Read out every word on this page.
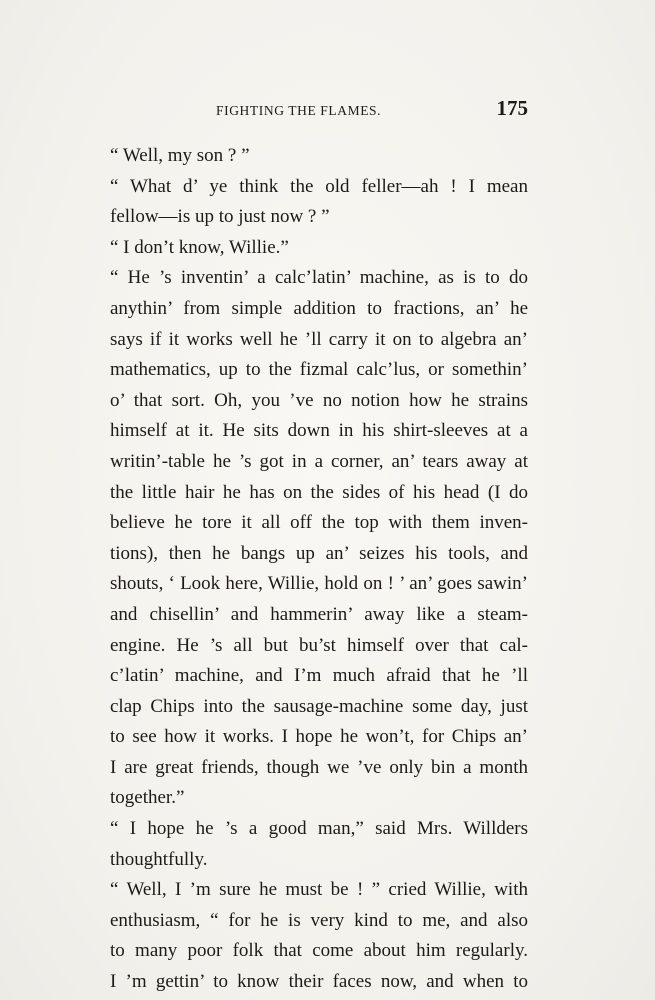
FIGHTING THE FLAMES.	175
“ Well, my son ? ”
“ What d’ ye think the old feller—ah ! I mean
fellow—is up to just now ? ”
“ I don’t know, Willie.”
“ He ’s inventin’ a calc’latin’ machine, as is to do
anythin’ from simple addition to fractions, an’ he
says if it works well he ’ll carry it on to algebra an’
mathematics, up to the fizmal calc’lus, or somethin’
o’ that sort. Oh, you ’ve no notion how he strains
himself at it. He sits down in his shirt-sleeves at a
writin’-table he ’s got in a corner, an’ tears away at
the little hair he has on the sides of his head (I do
believe he tore it all off the top with them inven-
tions), then he bangs up an’ seizes his tools, and
shouts, ‘ Look here, Willie, hold on ! ’ an’ goes sawin’
and chisellin’ and hammerin’ away like a steam-
engine. He ’s all but bu’st himself over that cal-
c’latin’ machine, and I’m much afraid that he ’ll
clap Chips into the sausage-machine some day, just
to see how it works. I hope he won’t, for Chips an’
I are great friends, though we ’ve only bin a month
together.”
“ I hope he ’s a good man,” said Mrs. Willders
thoughtfully.
“ Well, I ’m sure he must be ! ” cried Willie, with
enthusiasm, “ for he is very kind to me, and also
to many poor folk that come about him regularly.
I ’m gettin’ to know their faces now, and when to
